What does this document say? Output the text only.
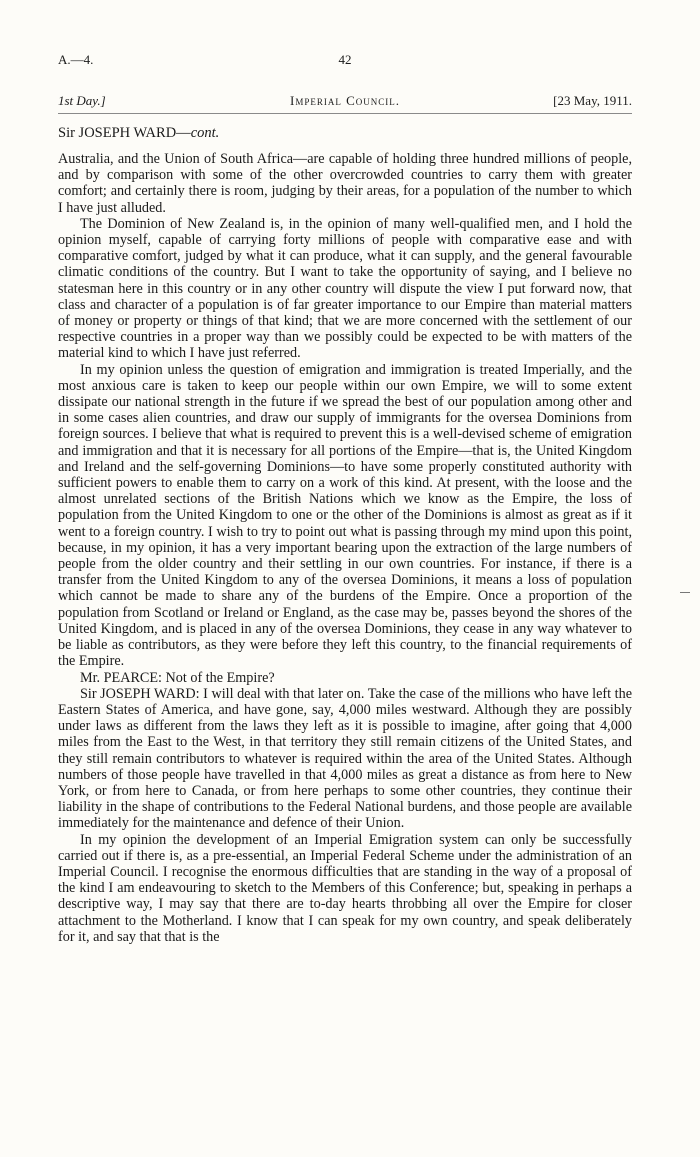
A.—4.	42
1st Day.]	Imperial Council.	[23 May, 1911.
Sir JOSEPH WARD—cont.

Australia, and the Union of South Africa—are capable of holding three hundred millions of people, and by comparison with some of the other overcrowded countries to carry them with greater comfort; and certainly there is room, judging by their areas, for a population of the number to which I have just alluded.

The Dominion of New Zealand is, in the opinion of many well-qualified men, and I hold the opinion myself, capable of carrying forty millions of people with comparative ease and with comparative comfort, judged by what it can produce, what it can supply, and the general favourable climatic conditions of the country. But I want to take the opportunity of saying, and I believe no statesman here in this country or in any other country will dispute the view I put forward now, that class and character of a population is of far greater importance to our Empire than material matters of money or property or things of that kind; that we are more concerned with the settlement of our respective countries in a proper way than we possibly could be expected to be with matters of the material kind to which I have just referred.

In my opinion unless the question of emigration and immigration is treated Imperially, and the most anxious care is taken to keep our people within our own Empire, we will to some extent dissipate our national strength in the future if we spread the best of our population among other and in some cases alien countries, and draw our supply of immigrants for the oversea Dominions from foreign sources. I believe that what is required to prevent this is a well-devised scheme of emigration and immigration and that it is necessary for all portions of the Empire—that is, the United Kingdom and Ireland and the self-governing Dominions—to have some properly constituted authority with sufficient powers to enable them to carry on a work of this kind. At present, with the loose and the almost unrelated sections of the British Nations which we know as the Empire, the loss of population from the United Kingdom to one or the other of the Dominions is almost as great as if it went to a foreign country. I wish to try to point out what is passing through my mind upon this point, because, in my opinion, it has a very important bearing upon the extraction of the large numbers of people from the older country and their settling in our own countries. For instance, if there is a transfer from the United Kingdom to any of the oversea Dominions, it means a loss of population which cannot be made to share any of the burdens of the Empire. Once a proportion of the population from Scotland or Ireland or England, as the case may be, passes beyond the shores of the United Kingdom, and is placed in any of the oversea Dominions, they cease in any way whatever to be liable as contributors, as they were before they left this country, to the financial requirements of the Empire.

Mr. PEARCE: Not of the Empire?

Sir JOSEPH WARD: I will deal with that later on. Take the case of the millions who have left the Eastern States of America, and have gone, say, 4,000 miles westward. Although they are possibly under laws as different from the laws they left as it is possible to imagine, after going that 4,000 miles from the East to the West, in that territory they still remain citizens of the United States, and they still remain contributors to whatever is required within the area of the United States. Although numbers of those people have travelled in that 4,000 miles as great a distance as from here to New York, or from here to Canada, or from here perhaps to some other countries, they continue their liability in the shape of contributions to the Federal National burdens, and those people are available immediately for the maintenance and defence of their Union.

In my opinion the development of an Imperial Emigration system can only be successfully carried out if there is, as a pre-essential, an Imperial Federal Scheme under the administration of an Imperial Council. I recognise the enormous difficulties that are standing in the way of a proposal of the kind I am endeavouring to sketch to the Members of this Conference; but, speaking in perhaps a descriptive way, I may say that there are to-day hearts throbbing all over the Empire for closer attachment to the Motherland. I know that I can speak for my own country, and speak deliberately for it, and say that that is the
